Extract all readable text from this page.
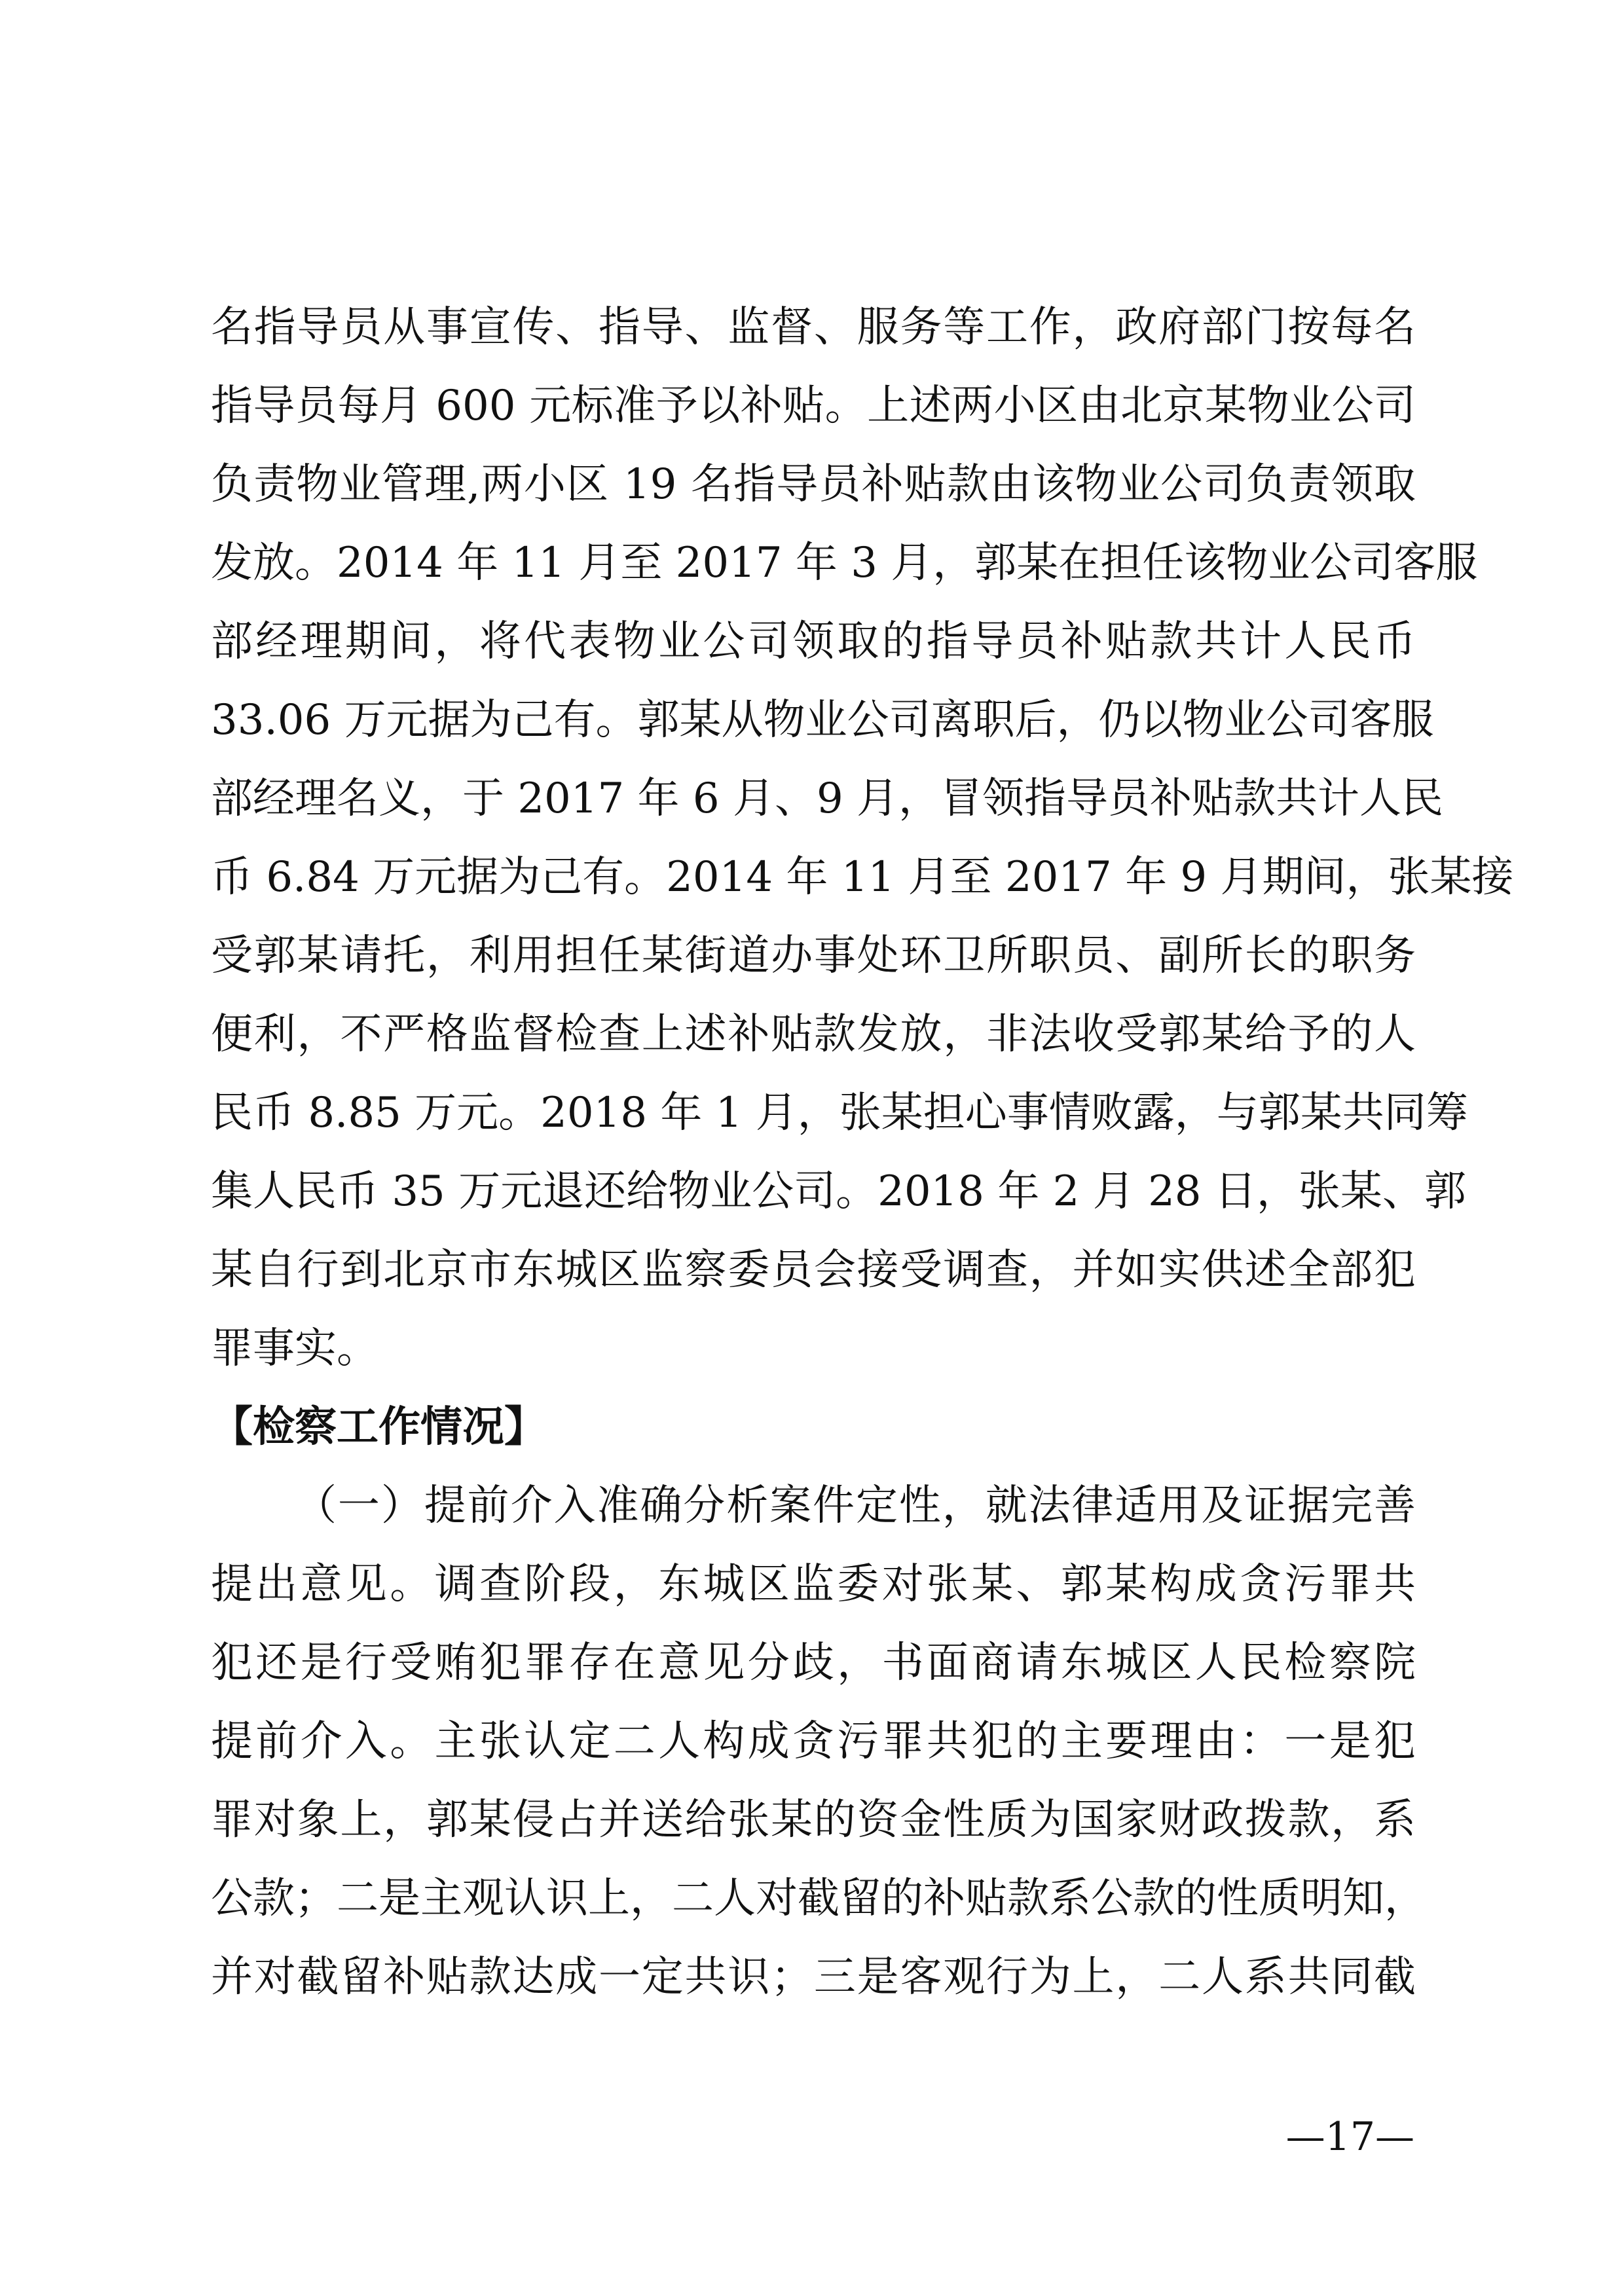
名指导员从事宣传、指导、监督、服务等工作，政府部门按每名
指导员每月 600 元标准予以补贴。上述两小区由北京某物业公司
负责物业管理,两小区 19 名指导员补贴款由该物业公司负责领取
发放。2014 年 11 月至 2017 年 3 月，郭某在担任该物业公司客服
部经理期间，将代表物业公司领取的指导员补贴款共计人民币
33.06 万元据为己有。郭某从物业公司离职后，仍以物业公司客服
部经理名义，于 2017 年 6 月、9 月，冒领指导员补贴款共计人民
币 6.84 万元据为己有。2014 年 11 月至 2017 年 9 月期间，张某接
受郭某请托，利用担任某街道办事处环卫所职员、副所长的职务
便利，不严格监督检查上述补贴款发放，非法收受郭某给予的人
民币 8.85 万元。2018 年 1 月，张某担心事情败露，与郭某共同筹
集人民币 35 万元退还给物业公司。2018 年 2 月 28 日，张某、郭
某自行到北京市东城区监察委员会接受调查，并如实供述全部犯
罪事实。
【检察工作情况】
（一）提前介入准确分析案件定性，就法律适用及证据完善
提出意见。调查阶段，东城区监委对张某、郭某构成贪污罪共
犯还是行受贿犯罪存在意见分歧，书面商请东城区人民检察院
提前介入。主张认定二人构成贪污罪共犯的主要理由：一是犯
罪对象上，郭某侵占并送给张某的资金性质为国家财政拨款，系
公款；二是主观认识上，二人对截留的补贴款系公款的性质明知，
并对截留补贴款达成一定共识；三是客观行为上，二人系共同截
—17—
